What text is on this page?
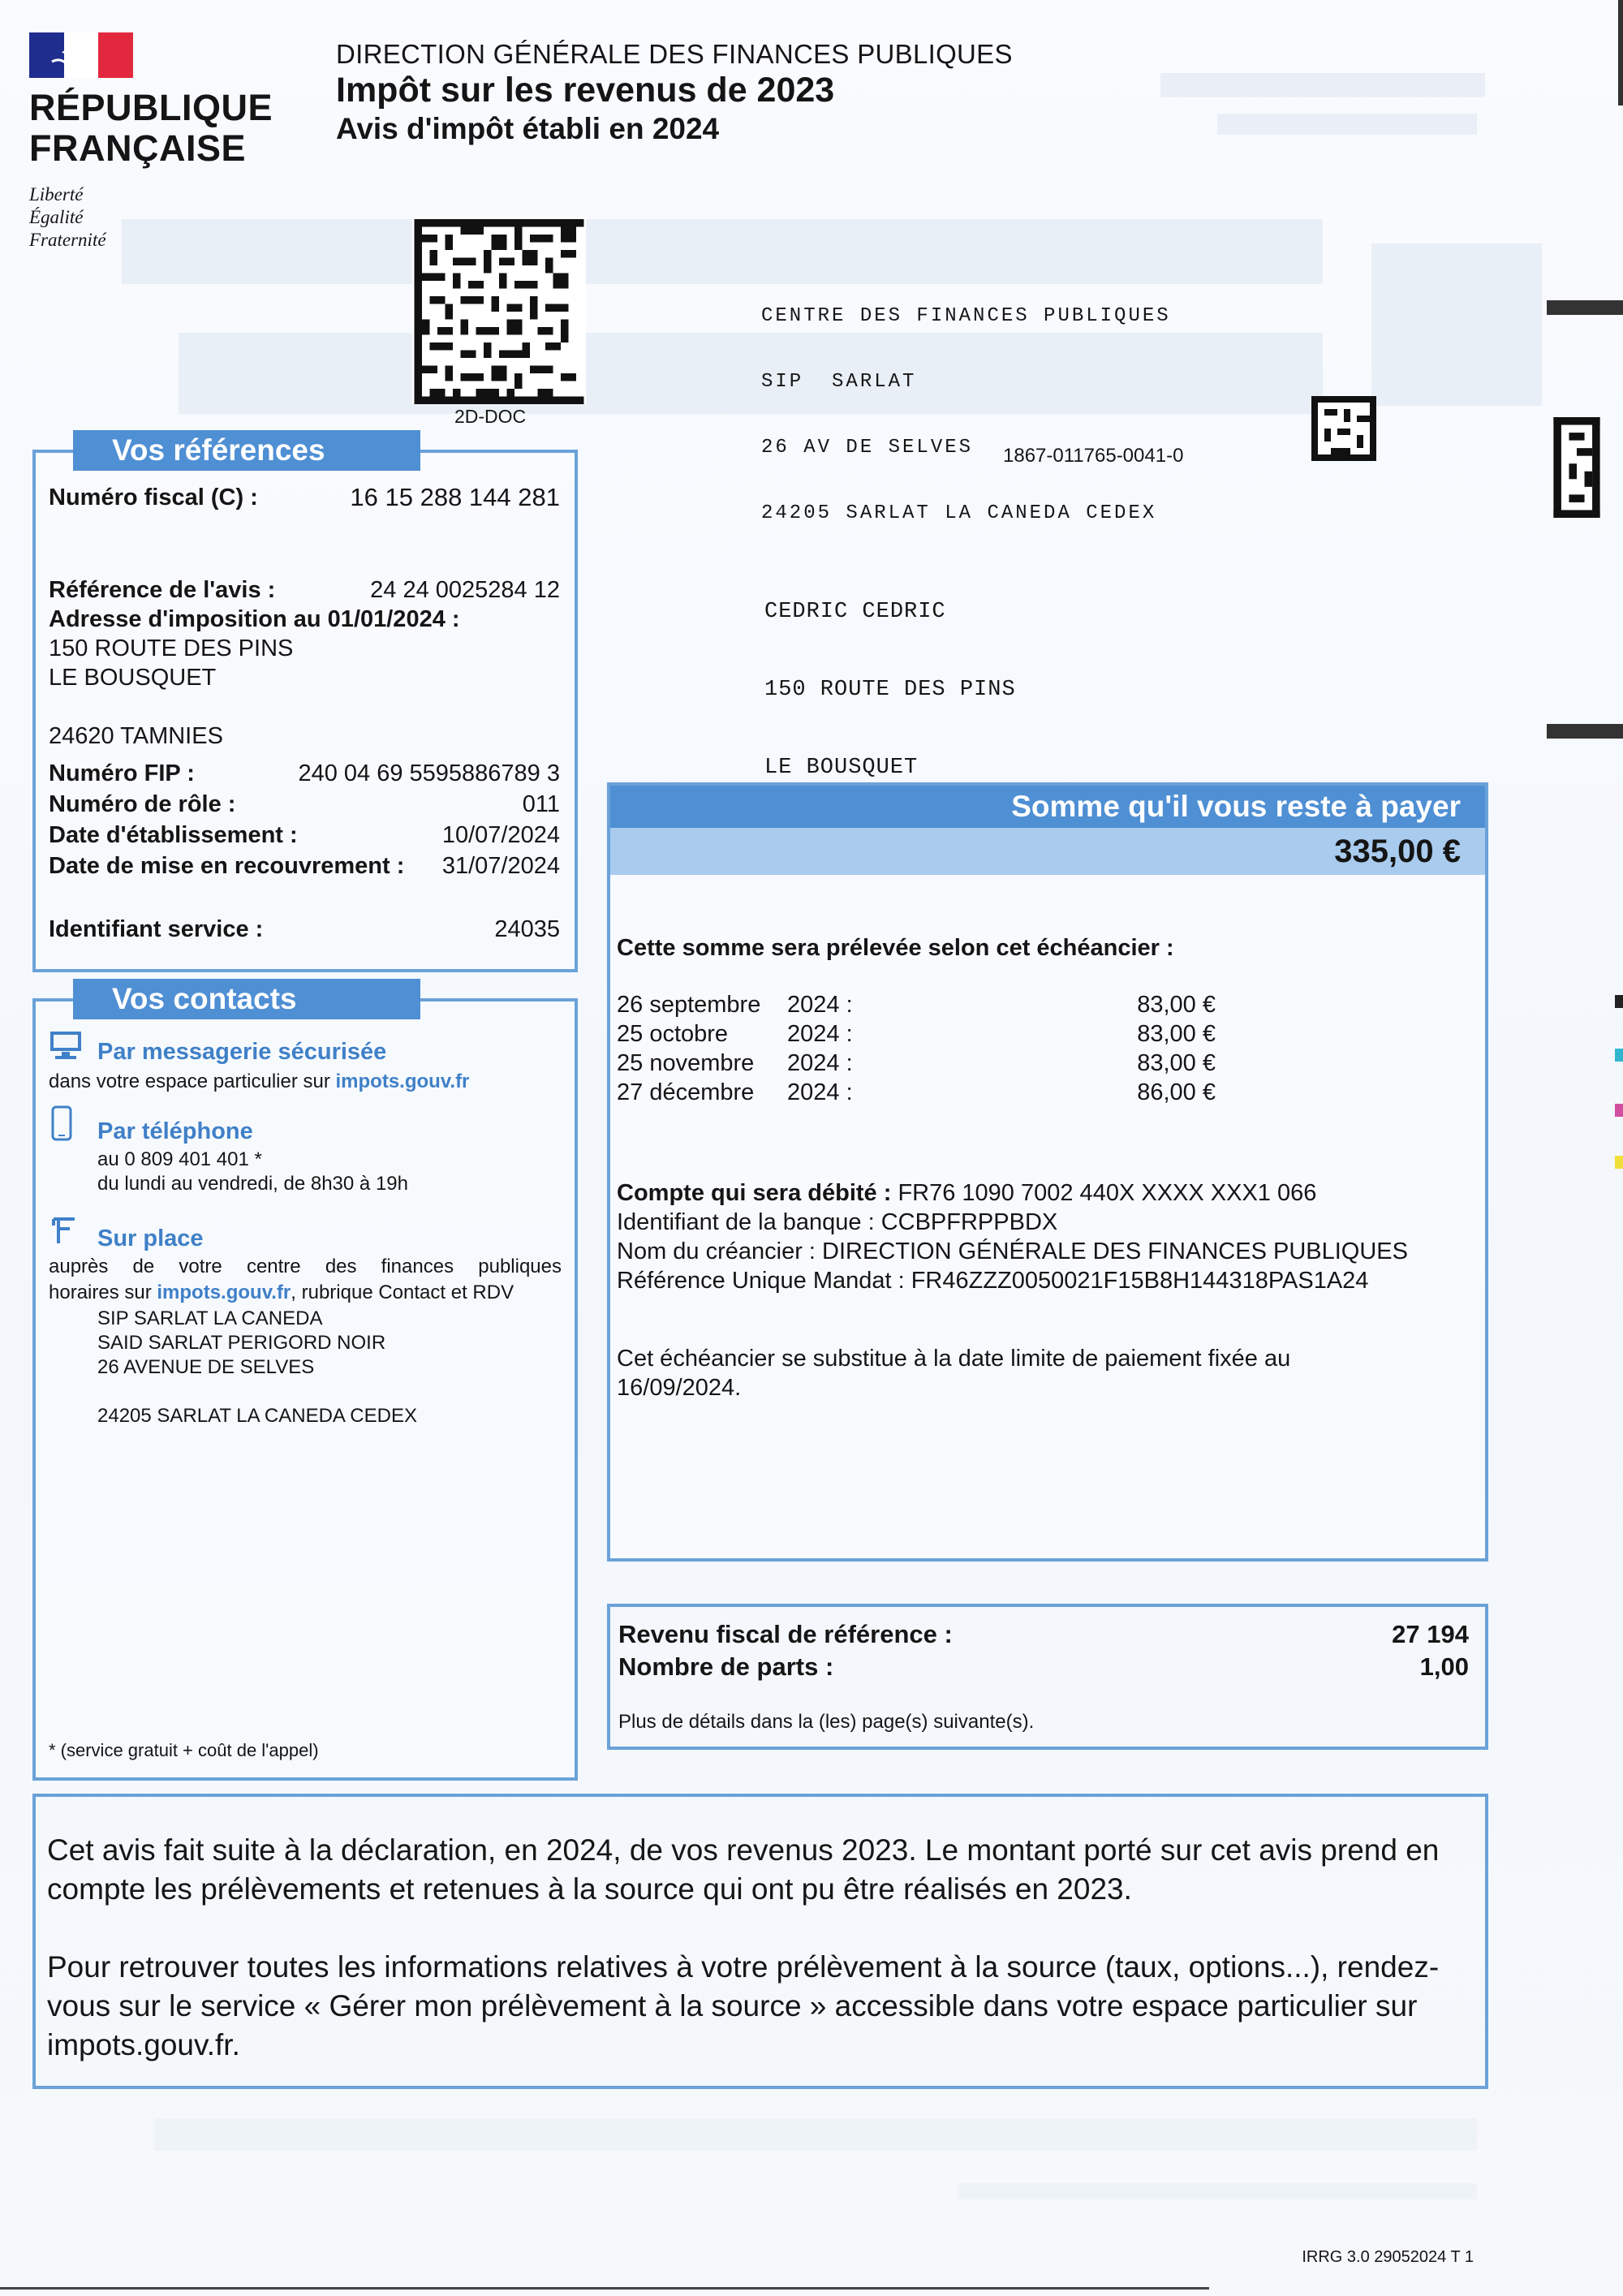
RÉPUBLIQUE
FRANÇAISE
Liberté
Égalité
Fraternité
DIRECTION GÉNÉRALE DES FINANCES PUBLIQUES
Impôt sur les revenus de 2023
Avis d'impôt établi en 2024
2D-DOC

CENTRE DES FINANCES PUBLIQUES

SIP  SARLAT

26 AV DE SELVES

24205 SARLAT LA CANEDA CEDEX

1867-011765-0041-0

CEDRIC CEDRIC

150 ROUTE DES PINS

LE BOUSQUET

Vos références
Numéro fiscal (C) :	16 15 288 144 281
Référence de l'avis :	24 24 0025284 12
Adresse d'imposition au 01/01/2024 :
150 ROUTE DES PINS
LE BOUSQUET
24620 TAMNIES
Numéro FIP :	240 04 69 5595886789 3
Numéro de rôle :	011
Date d'établissement :	10/07/2024
Date de mise en recouvrement :	31/07/2024
Identifiant service :	24035
Vos contacts
Par messagerie sécurisée
dans votre espace particulier sur impots.gouv.fr
Par téléphone
au 0 809 401 401 *
du lundi au vendredi, de 8h30 à 19h
Sur place
auprès de votre centre des finances publiques
horaires sur impots.gouv.fr, rubrique Contact et RDV
SIP SARLAT LA CANEDA
SAID SARLAT PERIGORD NOIR
26 AVENUE DE SELVES
24205 SARLAT LA CANEDA CEDEX
* (service gratuit + coût de l'appel)
Somme qu'il vous reste à payer
335,00 €
Cette somme sera prélevée selon cet échéancier :
26 septembre 2024 :	83,00 €
25 octobre	2024 :	83,00 €
25 novembre 2024 :	83,00 €
27 décembre 2024 :	86,00 €
Compte qui sera débité : FR76 1090 7002 440X XXXX XXX1 066
Identifiant de la banque : CCBPFRPPBDX
Nom du créancier : DIRECTION GÉNÉRALE DES FINANCES PUBLIQUES
Référence Unique Mandat : FR46ZZZ0050021F15B8H144318PAS1A24
Cet échéancier se substitue à la date limite de paiement fixée au
16/09/2024.
Revenu fiscal de référence :	27 194
Nombre de parts :	1,00
Plus de détails dans la (les) page(s) suivante(s).
Cet avis fait suite à la déclaration, en 2024, de vos revenus 2023. Le montant porté sur cet avis prend en compte les prélèvements et retenues à la source qui ont pu être réalisés en 2023.
Pour retrouver toutes les informations relatives à votre prélèvement à la source (taux, options...), rendez-vous sur le service « Gérer mon prélèvement à la source » accessible dans votre espace particulier sur impots.gouv.fr.
IRRG 3.0 29052024 T 1
